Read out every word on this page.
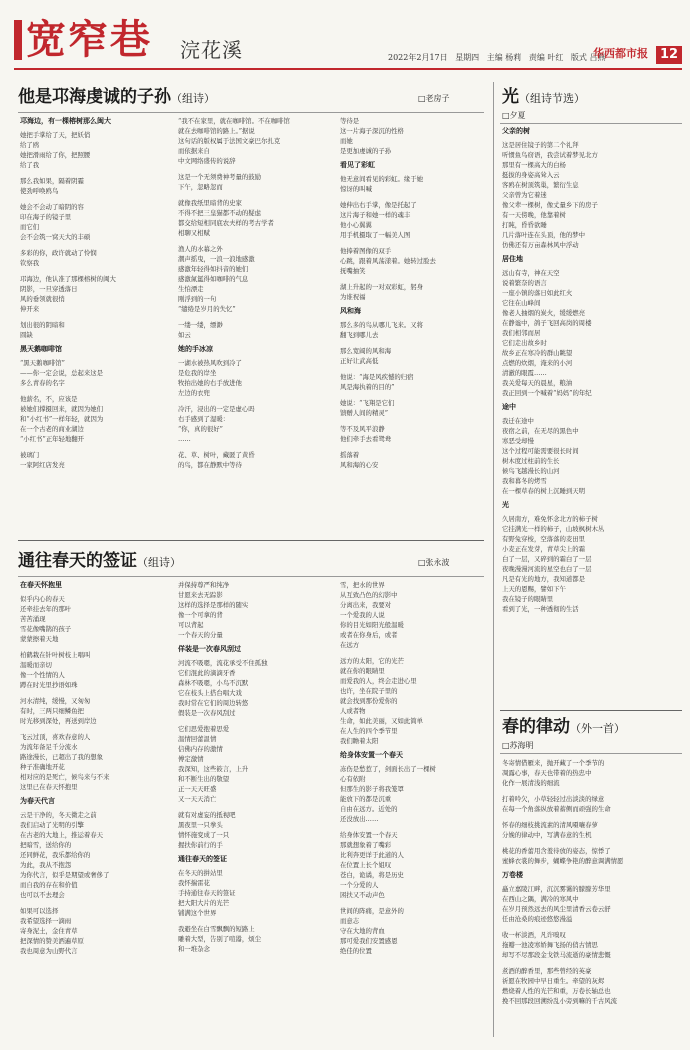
宽窄巷 浣花溪	2022年2月17日 星期四 主编 杨莉 责编 叶红 版式 吕燕
华西都市报 12
他是邛海虔诚的子孙（组诗）	□老房子
邛海边，有一棵榕树那么闽大
她把手掌给了天，把妖俏
给了鸥
她把滑雨给了你，把照腰
给了我
那么我如果，隔着阴霾
使劲呼唤鸥鸟
她会不会动了暗阴的容
印在海子的镜子里
而它们
会不会筑一窝天大的丰硕
多彩的你，政许就动了怜悯
钦察我
邛海边，他认准了那棵榕树的闽大
阴影，一旦穿透落日
风的垂领就很悄
伸开来
划出很的阴暗和
圆缺
黑天鹅咖啡馆
“黑天鹅咖啡馆”
——你一定会说，总起来这是
多么青春的名字
他薪名，不，应该是
被她们撑摄回来，就因为她们
和“小红书”一样年轻，就因为
在一个古老的商业湖边
“小红书”正年轻地翻开
被璃门
一家阿红店发亮
“我不在家里，就在咖啡馆。不在咖啡馆
就在去咖啡馆的路上。”据说
这句话的版权属于法国文豪巴尔扎克
而依据来自
中文网络盛传的说辞
这是一个无须费神考量的鼓励
下午，忽略忽而
就像我纸里暗背的史家
不得不把三皇猫都不动的疑虑
都交给短相同底农夫样的考古学者
相聊又相赋
渔人的水幕之外
潮声摇曳，一浪一浪地感激
感激年轻得如抖音的她们
感激氤氲得如咖啡的气息
生怕漂走
刚浮到的一句
“缱绻是岁月的失忆”
一缕一缕，缥渺
如云
她的手冰凉
一湖水被热风吹到冷了
是危我的岸坐
牧拍出她的右手放进他
左边的衣兜
冷汗，浸出的一定是虚心吗
右手感到了湿暖：
“你，真的很好”
……
花、草、树叶，藏匿了黄昏
的鸟，都在静默中等待
等待是
这一片海子深沉的性格
而她
是更加虔诚的子孙
看见了彩虹
他无意间看见的彩虹。缘于她
惊讶的叫喊
她伸出右手掌，像是托起了
这片海子和她一样的魂丰
他小心翼翼
用手机摄取了一幅美人图
他捧着图像的双手
心跳，跟着风荡漾着。她转过脸去
抚嘴抽笑
湖上升起的一对双彩虹，躬身
为谁祝福
风和海
那么多的鸟从哪儿飞来。又将
翻飞到哪儿去
那么宽阔的风和海
正好让武高低
他说：“海是风疾憾的归宿
风是海执着的目的”
她说：“飞翔是它们
馈赠人间的精灵”
等不及风平浪静
他们牵手去看鸳鸯
摇落着
风和海的心安
光（组诗节选）
□夕夏
父亲的树
这是居住镜子的第二个礼拜
听惯鱼鸟窃语，我尝试着梦见北方
那里有一棵高大的白杨
挺拔的身姿高耸入云
客鸥在树顶筑巢，繁衍生息
父亲曾为它着迷
像父辈一棵树，像丈量乡下的房子
有一天傍晚，他靠着树
打盹，昏昏欲睡
几片落叶连在头顶，他的梦中
仿佛还有万亩森林风中浮动
居住地
远山有寺，神在天空
说着繁奈的语言
一座小镇的落日如此红火
它往在山峰间
像老人抽烟的炭火，缓缓燃亮
在静谧中，鸽子飞回高岗的周楼
我们相邻而居
它们走出故乡时
故乡正在寒冷的群山眺望
点燃的炊烟，淹来的小河
清澈的眼霞……
我关爱每天的晨星，粮油
我正回到一个喊着“妈妈”的年纪
途中
我迁在途中
夜宿之前，在无尽的黑色中
寒恶受却慢
这个过程可能需要很长时间
树木度过柱前的生长
候鸟飞越漫长的山河
我和暮冬的烤雪
在一棵草春的树上沉睡到天明
光
久居南方，难免怀念北方的柿子树
它挂满光一样的柿子，山坡枫树木丛
有野兔穿梭，空落落的麦田里
小麦正在发芽，青草尖上的霜
白了一层，又碎到的霜白了一层
夜晚漫漫河流的星空也白了一层
凡是有光的地方，我知道都是
上天的恩赐，譬如下午
我在镜子的眼睛里
看到了光，一种透彻的生活
通往春天的签证（组诗）	□张永波
在春天怀抱里
似乎内心的春天
还牵挂去年的那叶
苦苦涌现
雪花像嘴鹊的孩子
蒙蒙擦着天地
柏鹤栽在针叶树枝上唱叫
温暖而亲切
像一个性情的人
蹲在时光里抄语如珠
河水清纯，缓慢，又匆匆
有时，三两只细鳞鱼把
时光移到深处，再送到岸边
飞云过顶，喜欢春意的人
为流年备足千分流水
路途漫长，已超出了我的想象
种子准确地开花
相对应的是死亡，候鸟来与不来
这里已在春天怀抱里
为春天代言
云是干净的，冬天微走之前
我们启动了光明的引擎
在古老的大地上，推运着春天
把暗雪，送给你的
还同鲜花，我乐都给你的
为此，我从不抱怨
为你代言，似乎是期望或奢侈了
而自我的存在和价值
也可以不去理会
如果可以选择
我希望选择一滴雨
寄身泥土，金住青草
把深情的赞美洒遍草原
我也周意为山野代言
并保持尊严和纯净
甘愿来去无踪影
这样的选择是那样的随实
像一个可拿的背
可以背起
一个春天的分量
佯装是一次春风刮过
河流不吸嗯，流花承受不住孤独
它们混此的滴滴牙香
森林不吸嗯，小鸟不沉默
它在枝头上搭台唱大戏
我时常在它们的周边转悠
假装是一次春风刮过
它们思爱抱着思爱
温情回蕾温情
信佛内存的激情
傅定激情
我深知，这些筱言，上升
和不断生出的敬望
正一天天旺盛
又一天天消亡
就有对虚妄的抵视吧
黑夜里一只拳头
情怀施变成了一只
握扶你前行的手
通往春天的签证
在冬天的拼站里
我怀揣雷花
手持通往春天的签证
把大阳大片的光芒
铺满这个世界
我避坐在白雪飘飘的短路上
雕着大型，告别了喧嚣，烦尘
和一堆杂念
雪，把水的世界
从互致凸色的幻影中
分离出来，我要对
一个爱我的人说
你的目光如阳光般温暖
或者在你身后，或者
在远方
远方的太阳，它的光芒
就在你的眼睛里
而爱我的人，终会走进心里
也许，坐在院子里的
就会找到那份爱你的
人或者物
生命，如此美丽，又如此简单
在人生的四个季节里
我们瞻着太阳
给身体安置一个春天
冻伤是愁惹了，剑面长出了一棵树
心有依附
但那生的影子将我笼罩
能放下的都是沉重
自由在远方。近处的
还没放出……
给身体安置一个春天
那就想象着了嘴彩
比利奔更详于此道的人
在位置上长个姐叹
苍白，诡谲，将是历史
一个分爱的人
困扶又不动声色
世间的阵痛，是意外的
而意志
守在大地的背血
那可爱我们安置感恩
绝佳的位置
春的律动（外一首）
□苏海明
冬寄情借雁来，抛开藏了一个季节的
凋露心事，春天也带着的热忠中
化作一展清浅的细流
打着呤欠，小草轻轻过出淡淡的绿意
在每一个角落纵放着蓄侧而顽强的生命
怀春的细枝挑流素的清风嗫嚷春萝
分娩的律动中，写满春意的生机
桃花的香蕾用含羞待放的姿态，惊悸了
蜜蜂衣裳的舞步，蝴蝶争艳的醉意调满情愿
万卷楼
矗立嘉陵江畔，沉沉雾霭的朦朦芳华里
在西山之隅，满冷的寒风中
在岁月预然远去的风尘里清香云卷云舒
任由沧桑的痕迹悠悠漫溢
收一杯淡酒，凡许嗅叹
拖瓣一池凌寒娇舞飞扬的俏古情思
却写不尽那段金戈铁马流逝的豪情悲慨
煮酒的醉香里，那些曾经的英豪
祈愿在牧园中早日重生。牵望的灰烬
燃烧着人性的光芒和重，万卷长轴总也
挽不回那段回溯纷乱小旁到嘛的千古风流
